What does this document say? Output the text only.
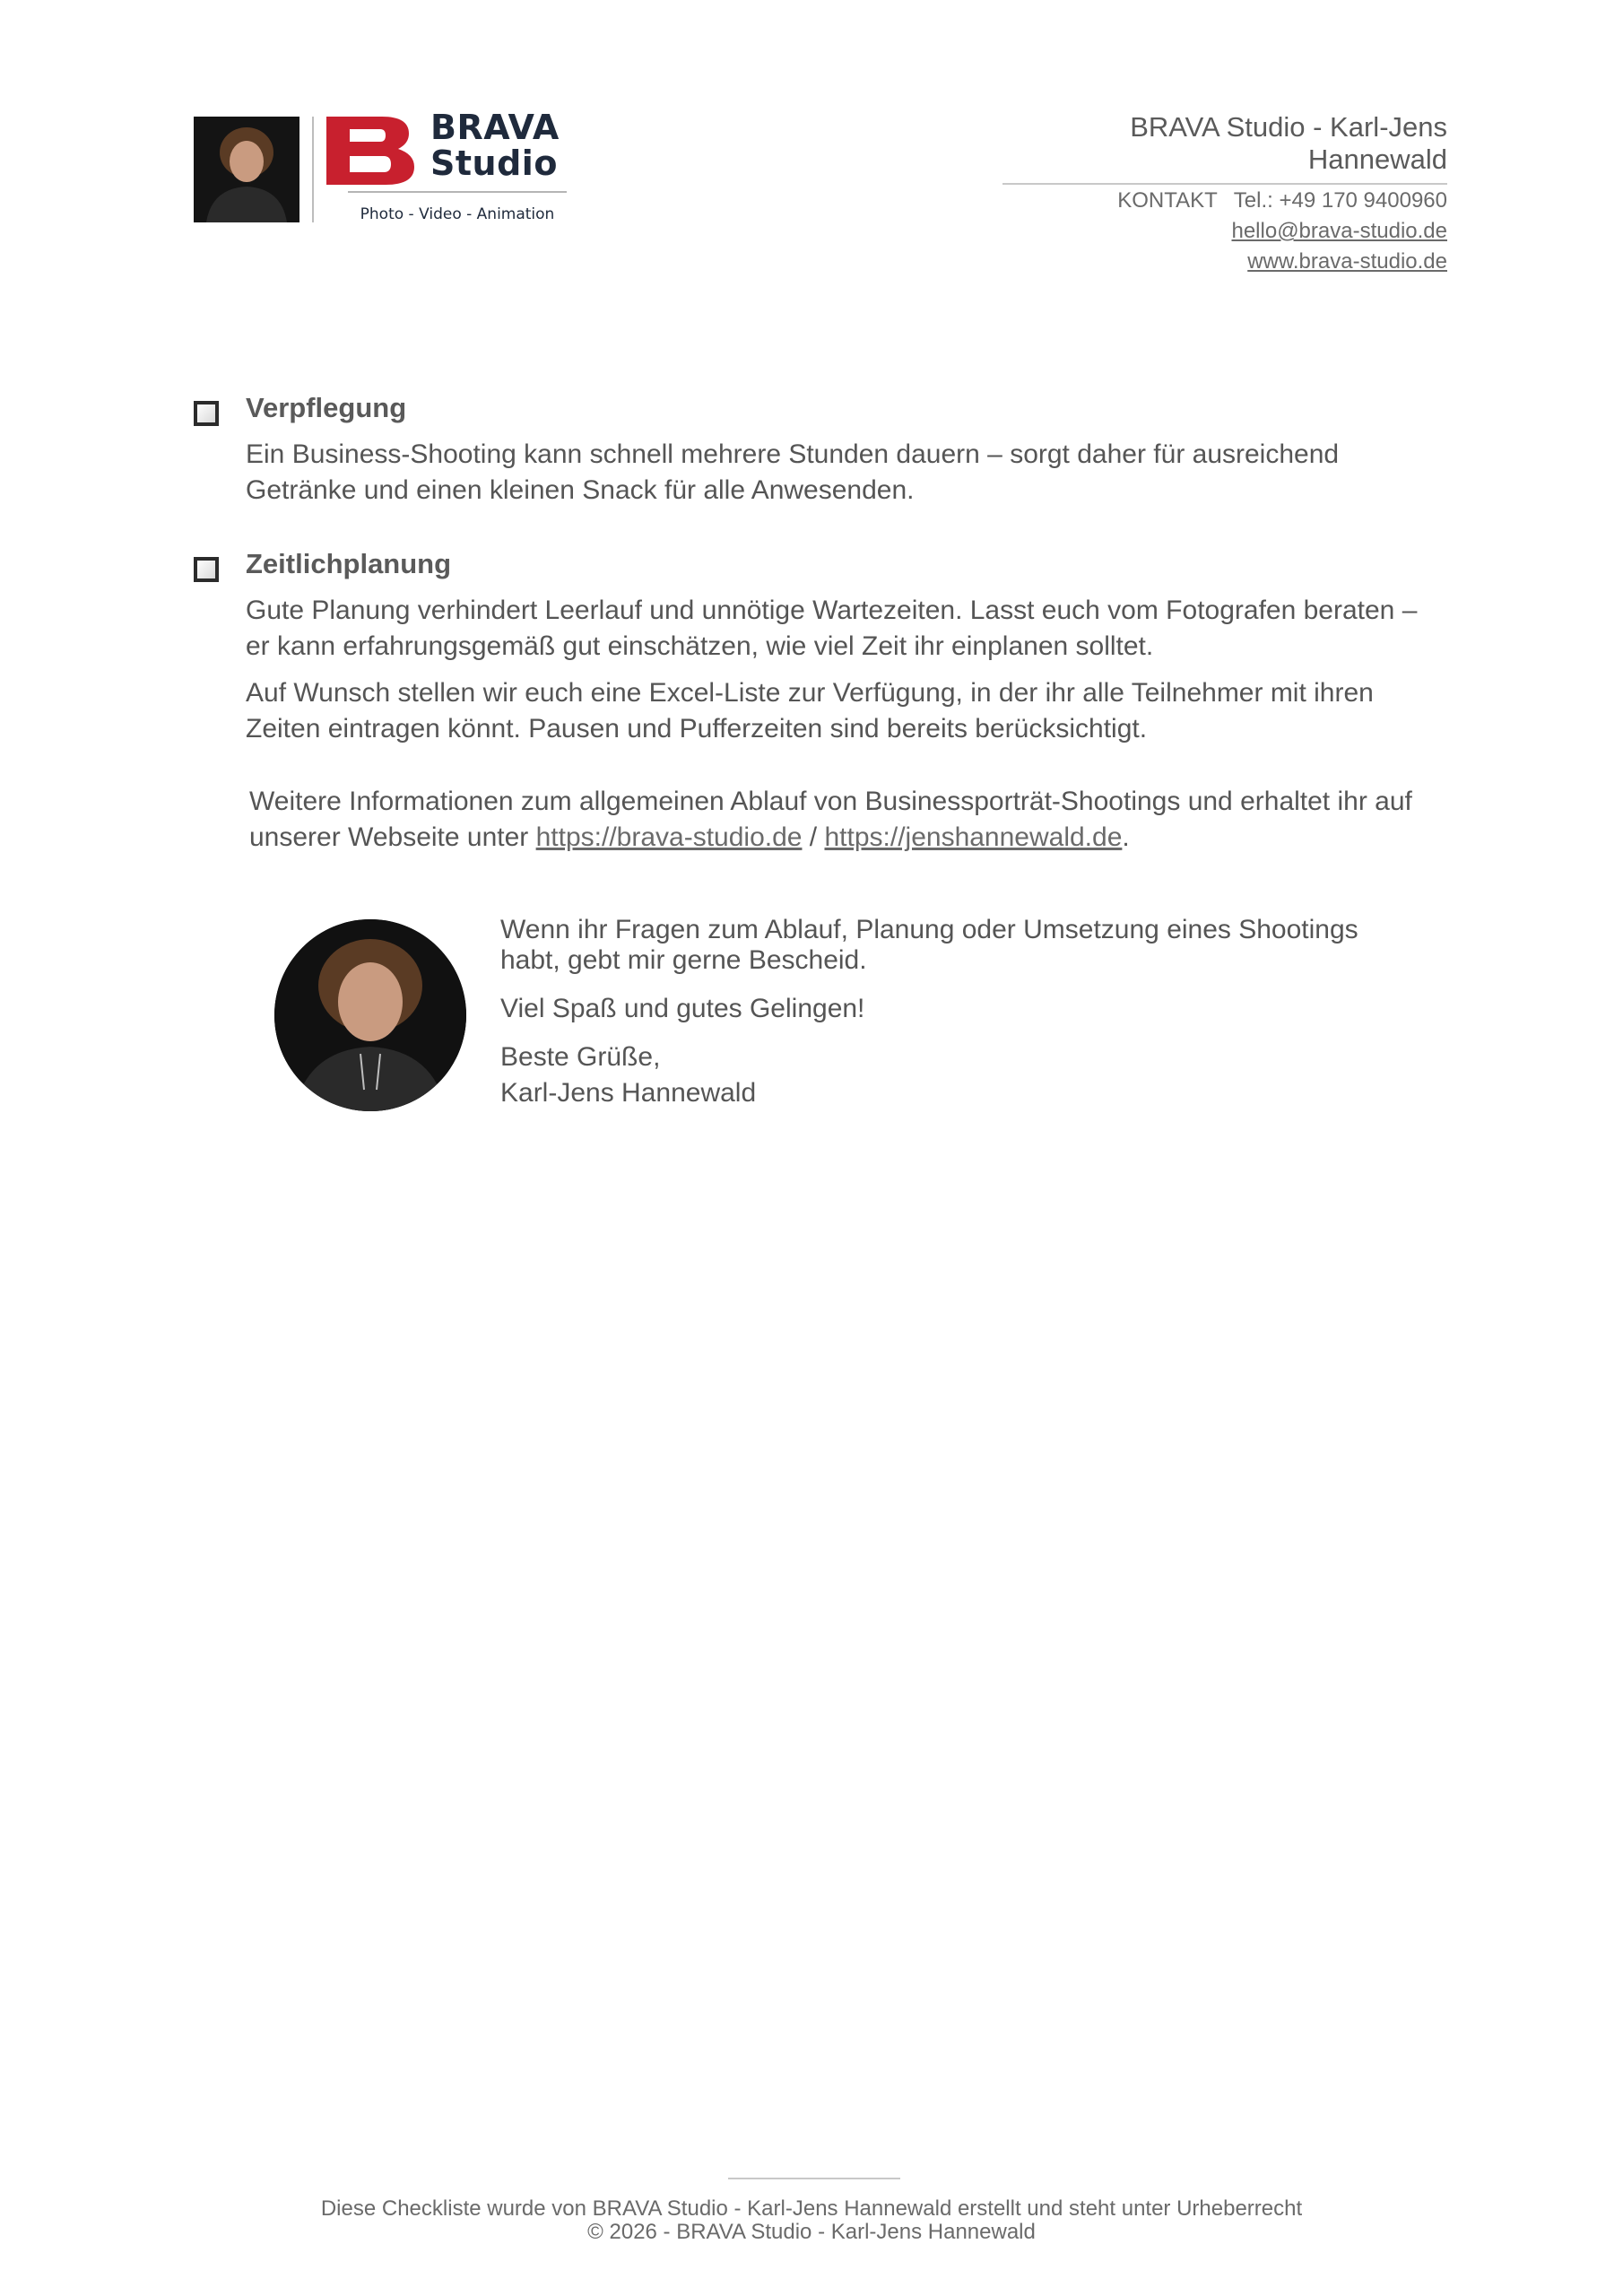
BRAVA
Studio
Photo - Video - Animation
BRAVA Studio - Karl-Jens Hannewald
KONTAKT Tel.: +49 170 9400960
hello@brava-studio.de
www.brava-studio.de
Verpflegung

Ein Business-Shooting kann schnell mehrere Stunden dauern – sorgt daher für ausreichend Getränke und einen kleinen Snack für alle Anwesenden.

Zeitlichplanung

Gute Planung verhindert Leerlauf und unnötige Wartezeiten. Lasst euch vom Fotografen beraten – er kann erfahrungsgemäß gut einschätzen, wie viel Zeit ihr einplanen solltet.

Auf Wunsch stellen wir euch eine Excel-Liste zur Verfügung, in der ihr alle Teilnehmer mit ihren Zeiten eintragen könnt. Pausen und Pufferzeiten sind bereits berücksichtigt.

Weitere Informationen zum allgemeinen Ablauf von Businessporträt-Shootings und erhaltet ihr auf unserer Webseite unter https://brava-studio.de / https://jenshannewald.de.

Wenn ihr Fragen zum Ablauf, Planung oder Umsetzung eines Shootings habt, gebt mir gerne Bescheid.

Viel Spaß und gutes Gelingen!

Beste Grüße,

Karl-Jens Hannewald

Diese Checkliste wurde von BRAVA Studio - Karl-Jens Hannewald erstellt und steht unter Urheberrecht
© 2026 - BRAVA Studio - Karl-Jens Hannewald
